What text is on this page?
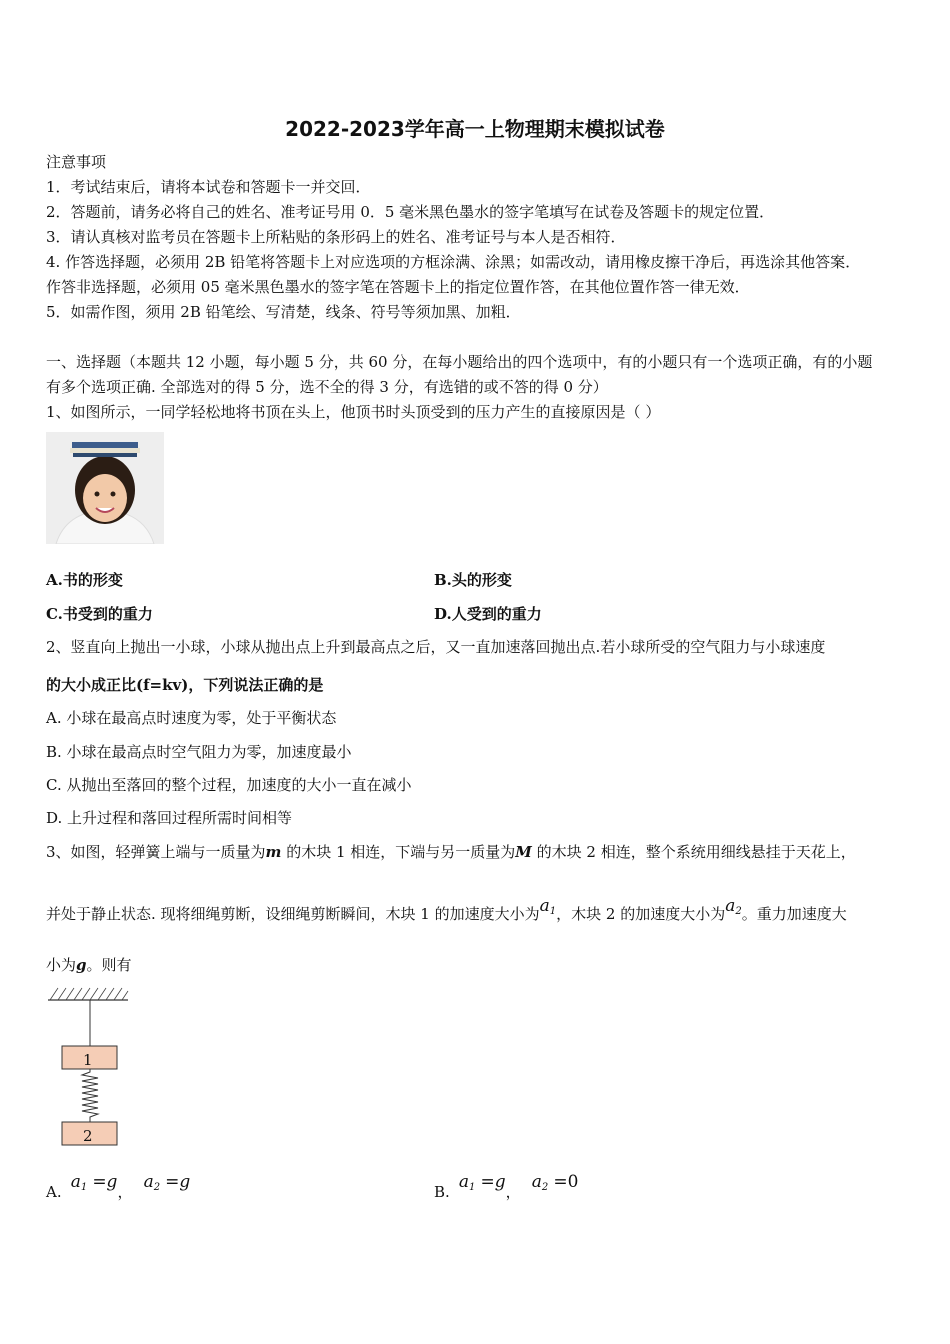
2022-2023学年高一上物理期末模拟试卷
注意事项
1．考试结束后，请将本试卷和答题卡一并交回．
2．答题前，请务必将自己的姓名、准考证号用 0．5 毫米黑色墨水的签字笔填写在试卷及答题卡的规定位置．
3．请认真核对监考员在答题卡上所粘贴的条形码上的姓名、准考证号与本人是否相符．
4. 作答选择题，必须用 2B 铅笔将答题卡上对应选项的方框涂满、涂黑；如需改动，请用橡皮擦干净后，再选涂其他答案．
作答非选择题，必须用 05 毫米黑色墨水的签字笔在答题卡上的指定位置作答，在其他位置作答一律无效．
5．如需作图，须用 2B 铅笔绘、写清楚，线条、符号等须加黑、加粗．
一、选择题（本题共 12 小题，每小题 5 分，共 60 分，在每小题给出的四个选项中，有的小题只有一个选项正确，有的小题
有多个选项正确. 全部选对的得 5 分，选不全的得 3 分，有选错的或不答的得 0 分）
1、如图所示，一同学轻松地将书顶在头上，他顶书时头顶受到的压力产生的直接原因是（ ）
A.书的形变	B.头的形变
C.书受到的重力	D.人受到的重力
2、竖直向上抛出一小球，小球从抛出点上升到最高点之后，又一直加速落回抛出点.若小球所受的空气阻力与小球速度
的大小成正比(f=kv)，下列说法正确的是
A. 小球在最高点时速度为零，处于平衡状态
B. 小球在最高点时空气阻力为零，加速度最小
C. 从抛出至落回的整个过程，加速度的大小一直在减小
D. 上升过程和落回过程所需时间相等
3、如图，轻弹簧上端与一质量为m 的木块 1 相连，下端与另一质量为M 的木块 2 相连，整个系统用细线悬挂于天花上，
并处于静止状态. 现将细绳剪断，设细绳剪断瞬间，木块 1 的加速度大小为$a^1$，木块 2 的加速度大小为$a^2$。重力加速度大
小为g。则有
1
2
A. $a_1 =g$， $a_2 =g$	B. $a_1 =g$， $a_2 =0$
